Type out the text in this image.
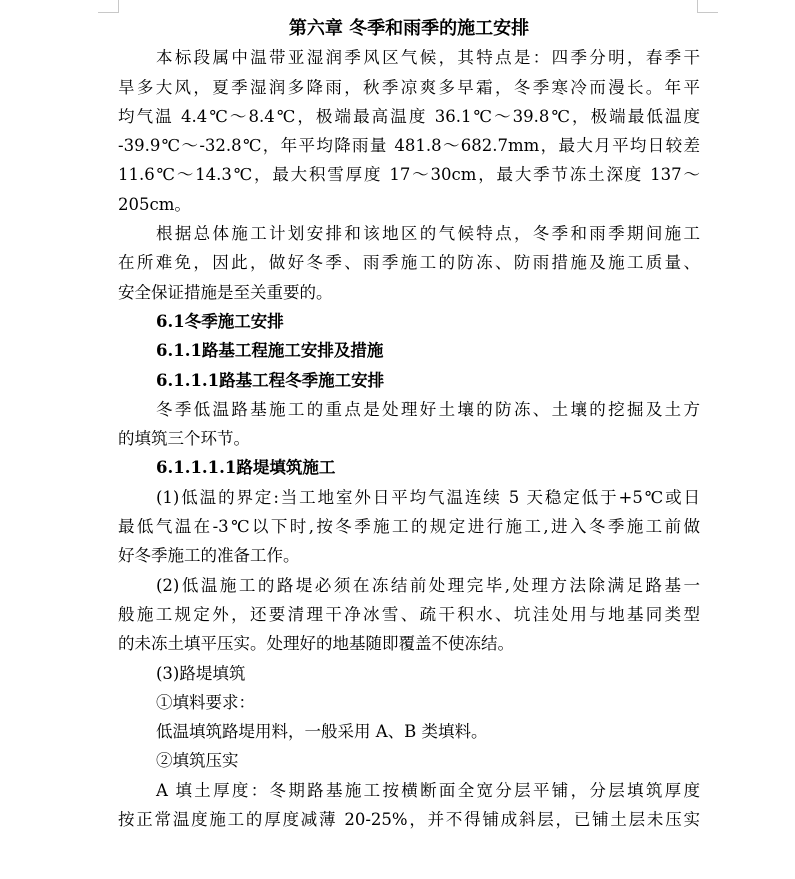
第六章 冬季和雨季的施工安排
本标段属中温带亚湿润季风区气候，其特点是：四季分明，春季干
旱多大风，夏季湿润多降雨，秋季凉爽多早霜，冬季寒冷而漫长。年平
均气温 4.4℃～8.4℃，极端最高温度 36.1℃～39.8℃，极端最低温度
-39.9℃～-32.8℃，年平均降雨量 481.8～682.7mm，最大月平均日较差
11.6℃～14.3℃，最大积雪厚度 17～30cm，最大季节冻土深度 137～
205cm。
根据总体施工计划安排和该地区的气候特点，冬季和雨季期间施工
在所难免，因此，做好冬季、雨季施工的防冻、防雨措施及施工质量、
安全保证措施是至关重要的。
6.1冬季施工安排
6.1.1路基工程施工安排及措施
6.1.1.1路基工程冬季施工安排
冬季低温路基施工的重点是处理好土壤的防冻、土壤的挖掘及土方
的填筑三个环节。
6.1.1.1.1路堤填筑施工
(1)低温的界定:当工地室外日平均气温连续 5 天稳定低于+5℃或日
最低气温在-3℃以下时,按冬季施工的规定进行施工,进入冬季施工前做
好冬季施工的准备工作。
(2)低温施工的路堤必须在冻结前处理完毕,处理方法除满足路基一
般施工规定外，还要清理干净冰雪、疏干积水、坑洼处用与地基同类型
的未冻土填平压实。处理好的地基随即覆盖不使冻结。
(3)路堤填筑
①填料要求：
低温填筑路堤用料，一般采用 A、B 类填料。
②填筑压实
A 填土厚度：冬期路基施工按横断面全宽分层平铺，分层填筑厚度
按正常温度施工的厚度减薄 20-25%，并不得铺成斜层，已铺土层未压实
